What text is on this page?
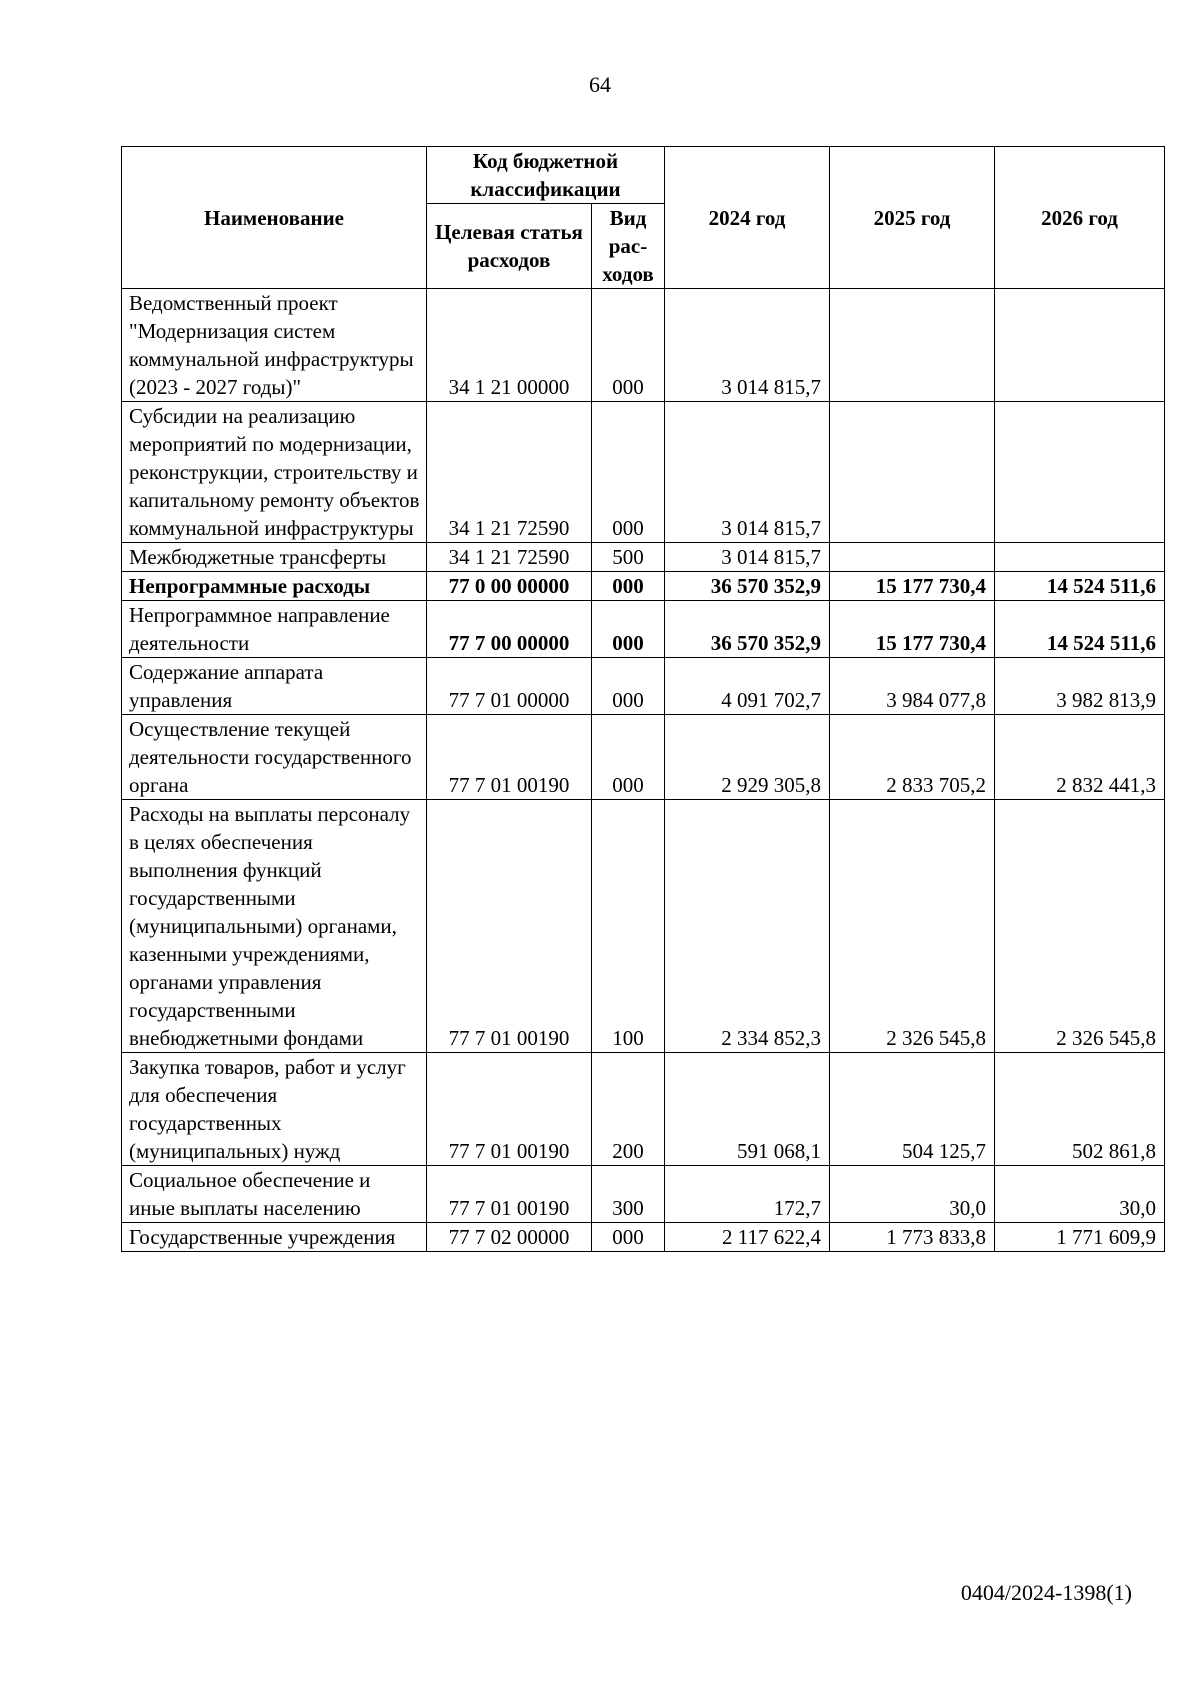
64
Наименование	Код бюджетной классификации		2024 год	2025 год	2026 год
	Целевая статья расходов	Вид рас- ходов			
Ведомственный проект "Модернизация систем коммунальной инфраструктуры (2023 - 2027 годы)"	34 1 21 00000	000	3 014 815,7		
Субсидии на реализацию мероприятий по модернизации, реконструкции, строительству и капитальному ремонту объектов коммунальной инфраструктуры	34 1 21 72590	000	3 014 815,7		
Межбюджетные трансферты	34 1 21 72590	500	3 014 815,7		
Непрограммные расходы	77 0 00 00000	000	36 570 352,9	15 177 730,4	14 524 511,6
Непрограммное направление деятельности	77 7 00 00000	000	36 570 352,9	15 177 730,4	14 524 511,6
Содержание аппарата управления	77 7 01 00000	000	4 091 702,7	3 984 077,8	3 982 813,9
Осуществление текущей деятельности государственного органа	77 7 01 00190	000	2 929 305,8	2 833 705,2	2 832 441,3
Расходы на выплаты персоналу в целях обеспечения выполнения функций государственными (муниципальными) органами, казенными учреждениями, органами управления государственными внебюджетными фондами	77 7 01 00190	100	2 334 852,3	2 326 545,8	2 326 545,8
Закупка товаров, работ и услуг для обеспечения государственных (муниципальных) нужд	77 7 01 00190	200	591 068,1	504 125,7	502 861,8
Социальное обеспечение и иные выплаты населению	77 7 01 00190	300	172,7	30,0	30,0
Государственные учреждения	77 7 02 00000	000	2 117 622,4	1 773 833,8	1 771 609,9
0404/2024-1398(1)
